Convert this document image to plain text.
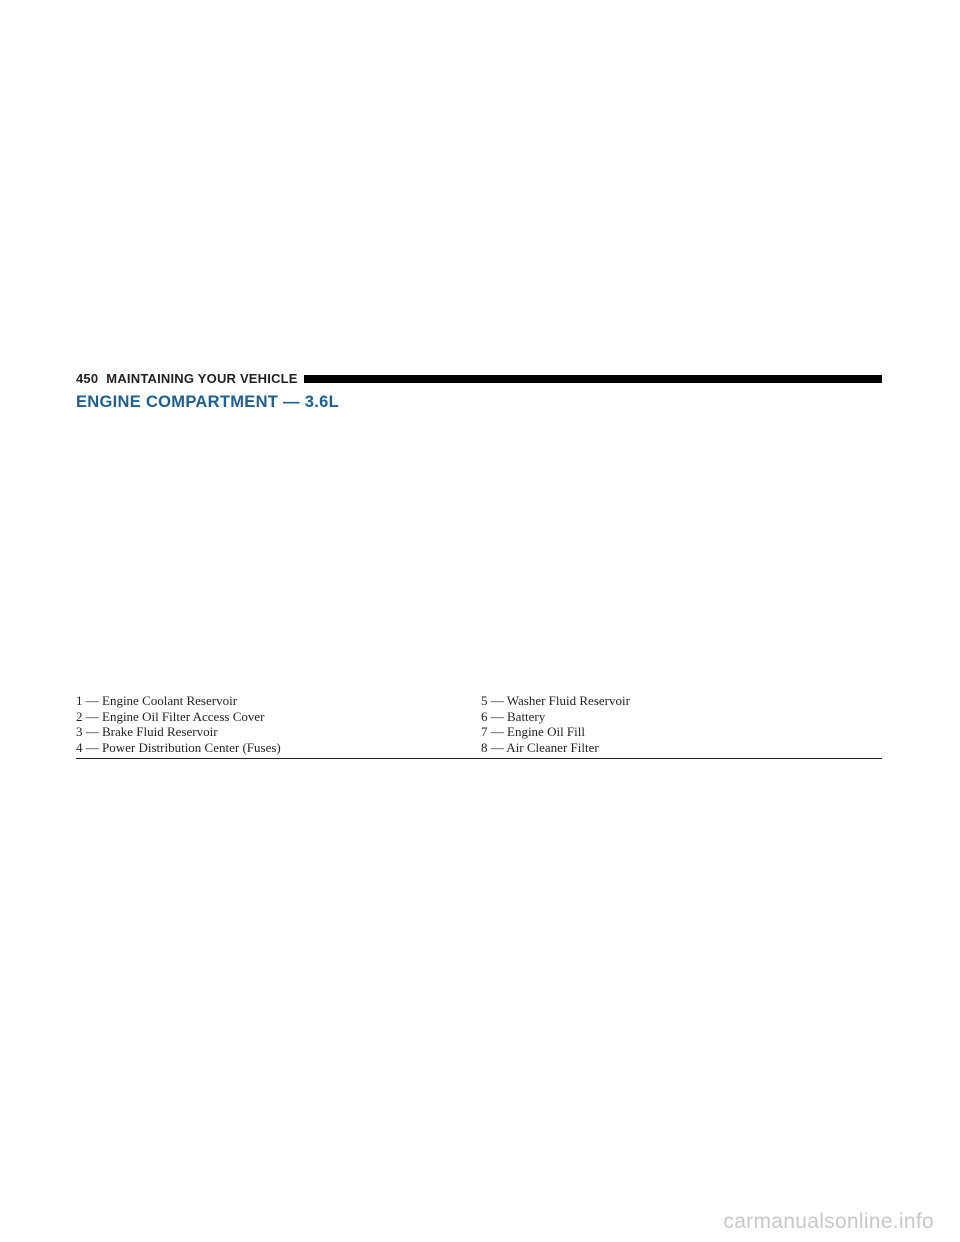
450 MAINTAINING YOUR VEHICLE
ENGINE COMPARTMENT — 3.6L
1 — Engine Coolant Reservoir
2 — Engine Oil Filter Access Cover
3 — Brake Fluid Reservoir
4 — Power Distribution Center (Fuses)
5 — Washer Fluid Reservoir
6 — Battery
7 — Engine Oil Fill
8 — Air Cleaner Filter
carmanualsonline.info
